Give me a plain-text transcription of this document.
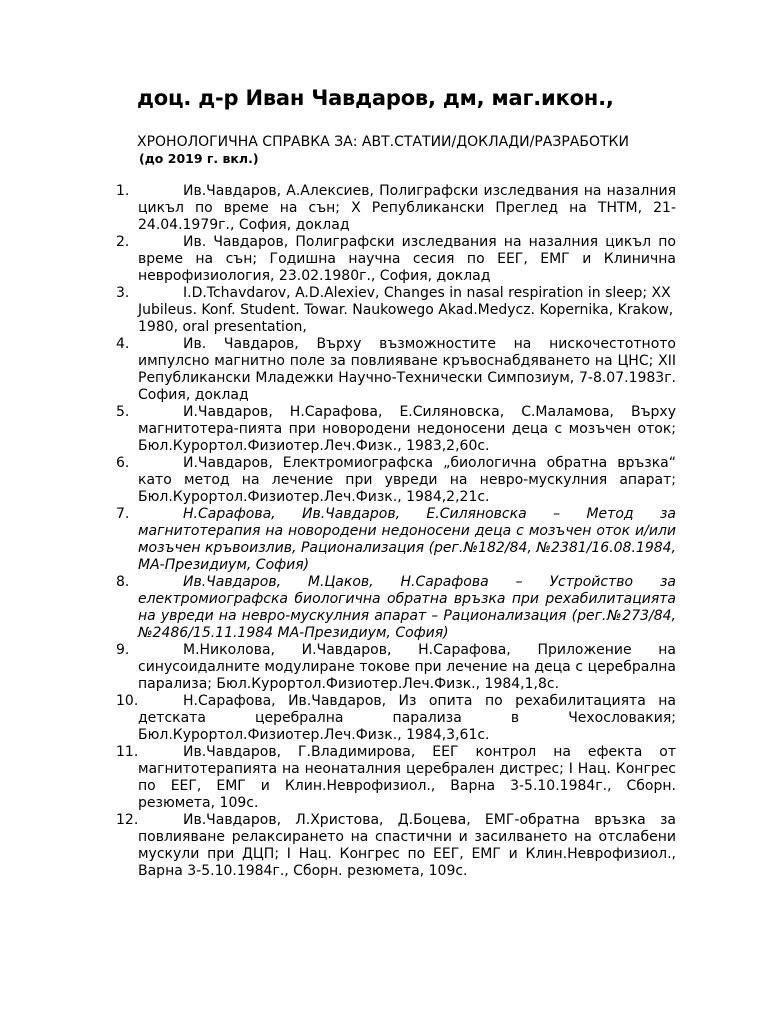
доц. д-р Иван Чавдаров, дм, маг.икон.,
ХРОНОЛОГИЧНА СПРАВКА ЗА: АВТ.СТАТИИ/ДОКЛАДИ/РАЗРАБОТКИ
(до 2019 г. вкл.)
1.	Ив.Чавдаров, А.Алексиев, Полиграфски изследвания на назалния цикъл по време на сън; Х Републикански Преглед на ТНТМ, 21-24.04.1979г., София, доклад
2.	Ив. Чавдаров, Полиграфски изследвания на назалния цикъл по време на сън; Годишна научна сесия по ЕЕГ, ЕМГ и Клинична неврофизиология, 23.02.1980г., София, доклад
3.	I.D.Tchavdarov, A.D.Alexiev, Changes in nasal respiration in sleep; XX Jubileus. Konf. Student. Towar. Naukowego Akad.Medycz. Kopernika, Krakow, 1980, oral presentation,
4.	Ив. Чавдаров, Върху възможностите на нискочестотното импулсно магнитно поле за повлияване кръвоснабдяването на ЦНС; XII Републикански Младежки Научно-Технически Симпозиум, 7-8.07.1983г. София, доклад
5.	И.Чавдаров, Н.Сарафова, Е.Силяновска, С.Маламова, Върху магнитотера-пията при новородени недоносени деца с мозъчен оток; Бюл.Курортол.Физиотер.Леч.Физк., 1983,2,60с.
6.	И.Чавдаров, Електромиографска „биологична обратна връзка“ като метод на лечение при увреди на невро-мускулния апарат; Бюл.Курортол.Физиотер.Леч.Физк., 1984,2,21с.
7.	Н.Сарафова, Ив.Чавдаров, Е.Силяновска – Метод за магнитотерапия на новородени недоносени деца с мозъчен оток и/или мозъчен кръвоизлив, Рационализация (рег.№182/84, №2381/16.08.1984, МА-Президиум, София)
8.	Ив.Чавдаров, М.Цаков, Н.Сарафова – Устройство за електромиографска биологична обратна връзка при рехабилитацията на увреди на невро-мускулния апарат – Рационализация (рег.№273/84, №2486/15.11.1984 МА-Президиум, София)
9.	М.Николова, И.Чавдаров, Н.Сарафова, Приложение на синусоидалните модулиране токове при лечение на деца с церебрална парализа; Бюл.Курортол.Физиотер.Леч.Физк., 1984,1,8с.
10.	Н.Сарафова, Ив.Чавдаров, Из опита по рехабилитацията на детската церебрална парализа в Чехословакия; Бюл.Курортол.Физиотер.Леч.Физк., 1984,3,61с.
11.	Ив.Чавдаров, Г.Владимирова, ЕЕГ контрол на ефекта от магнитотерапията на неонаталния церебрален дистрес; I Нац. Конгрес по ЕЕГ, ЕМГ и Клин.Неврофизиол., Варна 3-5.10.1984г., Сборн. резюмета, 109с.
12.	Ив.Чавдаров, Л.Христова, Д.Боцева, ЕМГ-обратна връзка за повлияване релаксирането на спастични и засилването на отслабени мускули при ДЦП; I Нац. Конгрес по ЕЕГ, ЕМГ и Клин.Неврофизиол., Варна 3-5.10.1984г., Сборн. резюмета, 109с.
